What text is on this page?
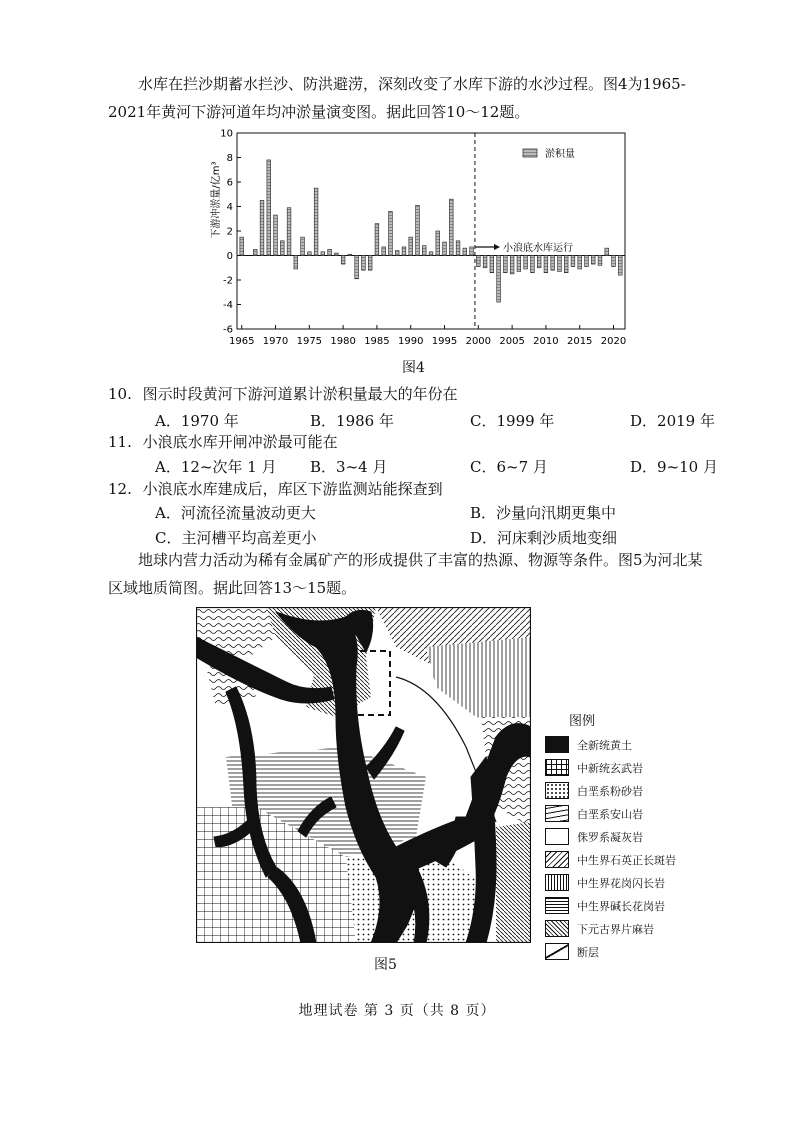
水库在拦沙期蓄水拦沙、防洪避涝，深刻改变了水库下游的水沙过程。图4为1965-2021年黄河下游河道年均冲淤量演变图。据此回答10～12题。

10
8
6
4
2
0
-2
-4
-6
1965 1970 1975 1980 1985 1990 1995 2000 2005 2010 2015 2020
下游冲淤量/亿m³
淤积量
小浪底水库运行
图4
10. 图示时段黄河下游河道累计淤积量最大的年份在
A．1970 年	B．1986 年	C．1999 年	D．2019 年
11. 小浪底水库开闸冲淤最可能在
A．12~次年 1 月 B．3~4 月	C．6~7 月	D．9~10 月
12. 小浪底水库建成后，库区下游监测站能探查到
A．河流径流量波动更大	B．沙量向汛期更集中
C．主河槽平均高差更小	D．河床剩沙质地变细

地球内营力活动为稀有金属矿产的形成提供了丰富的热源、物源等条件。图5为河北某区域地质简图。据此回答13～15题。

图例
全新统黄土
中新统玄武岩
白垩系粉砂岩
白垩系安山岩
侏罗系凝灰岩
中生界石英正长斑岩
中生界花岗闪长岩
中生界碱长花岗岩
下元古界片麻岩
断层
图5
地理试卷 第 3 页（共 8 页）
